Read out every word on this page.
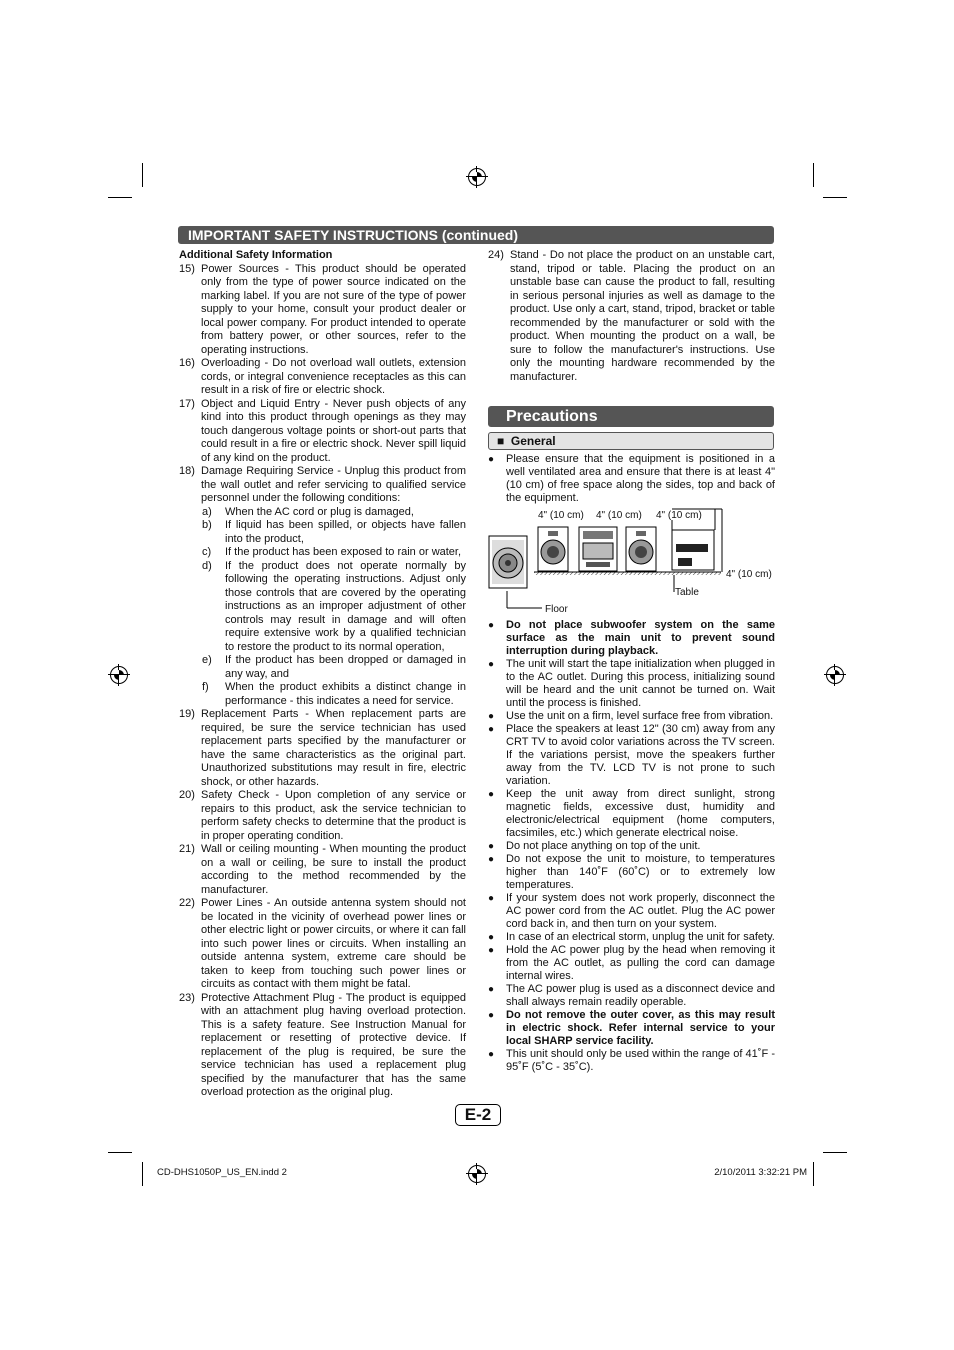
IMPORTANT SAFETY INSTRUCTIONS (continued)
Additional Safety Information
15) Power Sources - This product should be operated only from the type of power source indicated on the marking label. If you are not sure of the type of power supply to your home, consult your product dealer or local power company. For product intended to operate from battery power, or other sources, refer to the operating instructions.
16) Overloading - Do not overload wall outlets, extension cords, or integral convenience receptacles as this can result in a risk of fire or electric shock.
17) Object and Liquid Entry - Never push objects of any kind into this product through openings as they may touch dangerous voltage points or short-out parts that could result in a fire or electric shock. Never spill liquid of any kind on the product.
18) Damage Requiring Service - Unplug this product from the wall outlet and refer servicing to qualified service personnel under the following conditions:
a)	When the AC cord or plug is damaged,
b)	If liquid has been spilled, or objects have fallen into the product,
c)	If the product has been exposed to rain or water,
d)	If the product does not operate normally by following the operating instructions. Adjust only those controls that are covered by the operating instructions as an improper adjustment of other controls may result in damage and will often require extensive work by a qualified technician to restore the product to its normal operation,
e)	If the product has been dropped or damaged in any way, and
f)	When the product exhibits a distinct change in performance - this indicates a need for service.
19) Replacement Parts - When replacement parts are required, be sure the service technician has used replacement parts specified by the manufacturer or have the same characteristics as the original part. Unauthorized substitutions may result in fire, electric shock, or other hazards.
20) Safety Check - Upon completion of any service or repairs to this product, ask the service technician to perform safety checks to determine that the product is in proper operating condition.
21) Wall or ceiling mounting - When mounting the product on a wall or ceiling, be sure to install the product according to the method recommended by the manufacturer.
22) Power Lines - An outside antenna system should not be located in the vicinity of overhead power lines or other electric light or power circuits, or where it can fall into such power lines or circuits. When installing an outside antenna system, extreme care should be taken to keep from touching such power lines or circuits as contact with them might be fatal.
23) Protective Attachment Plug - The product is equipped with an attachment plug having overload protection. This is a safety feature. See Instruction Manual for replacement or resetting of protective device. If replacement of the plug is required, be sure the service technician has used a replacement plug specified by the manufacturer that has the same overload protection as the original plug.
24) Stand - Do not place the product on an unstable cart, stand, tripod or table. Placing the product on an unstable base can cause the product to fall, resulting in serious personal injuries as well as damage to the product. Use only a cart, stand, tripod, bracket or table recommended by the manufacturer or sold with the product. When mounting the product on a wall, be sure to follow the manufacturer's instructions. Use only the mounting hardware recommended by the manufacturer.
Precautions
■  General
●	Please ensure that the equipment is positioned in a well ventilated area and ensure that there is at least 4" (10 cm) of free space along the sides, top and back of the equipment.
4" (10 cm) 4" (10 cm) 4" (10 cm)
4" (10 cm)
Table
Floor
●	Do not place subwoofer system on the same surface as the main unit to prevent sound interruption during playback.
●	The unit will start the tape initialization when plugged in to the AC outlet. During this process, initializing sound will be heard and the unit cannot be turned on. Wait until the process is finished.
●	Use the unit on a firm, level surface free from vibration.
●	Place the speakers at least 12" (30 cm) away from any CRT TV to avoid color variations across the TV screen. If the variations persist, move the speakers further away from the TV. LCD TV is not prone to such variation.
●	Keep the unit away from direct sunlight, strong magnetic fields, excessive dust, humidity and electronic/electrical equipment (home computers, facsimiles, etc.) which generate electrical noise.
●	Do not place anything on top of the unit.
●	Do not expose the unit to moisture, to temperatures higher than 140˚F (60˚C) or to extremely low temperatures.
●	If your system does not work properly, disconnect the AC power cord from the AC outlet. Plug the AC power cord back in, and then turn on your system.
●	In case of an electrical storm, unplug the unit for safety.
●	Hold the AC power plug by the head when removing it from the AC outlet, as pulling the cord can damage internal wires.
●	The AC power plug is used as a disconnect device and shall always remain readily operable.
●	Do not remove the outer cover, as this may result in electric shock. Refer internal service to your local SHARP service facility.
●	This unit should only be used within the range of 41˚F - 95˚F (5˚C - 35˚C).
E-2
CD-DHS1050P_US_EN.indd 2	2/10/2011 3:32:21 PM
